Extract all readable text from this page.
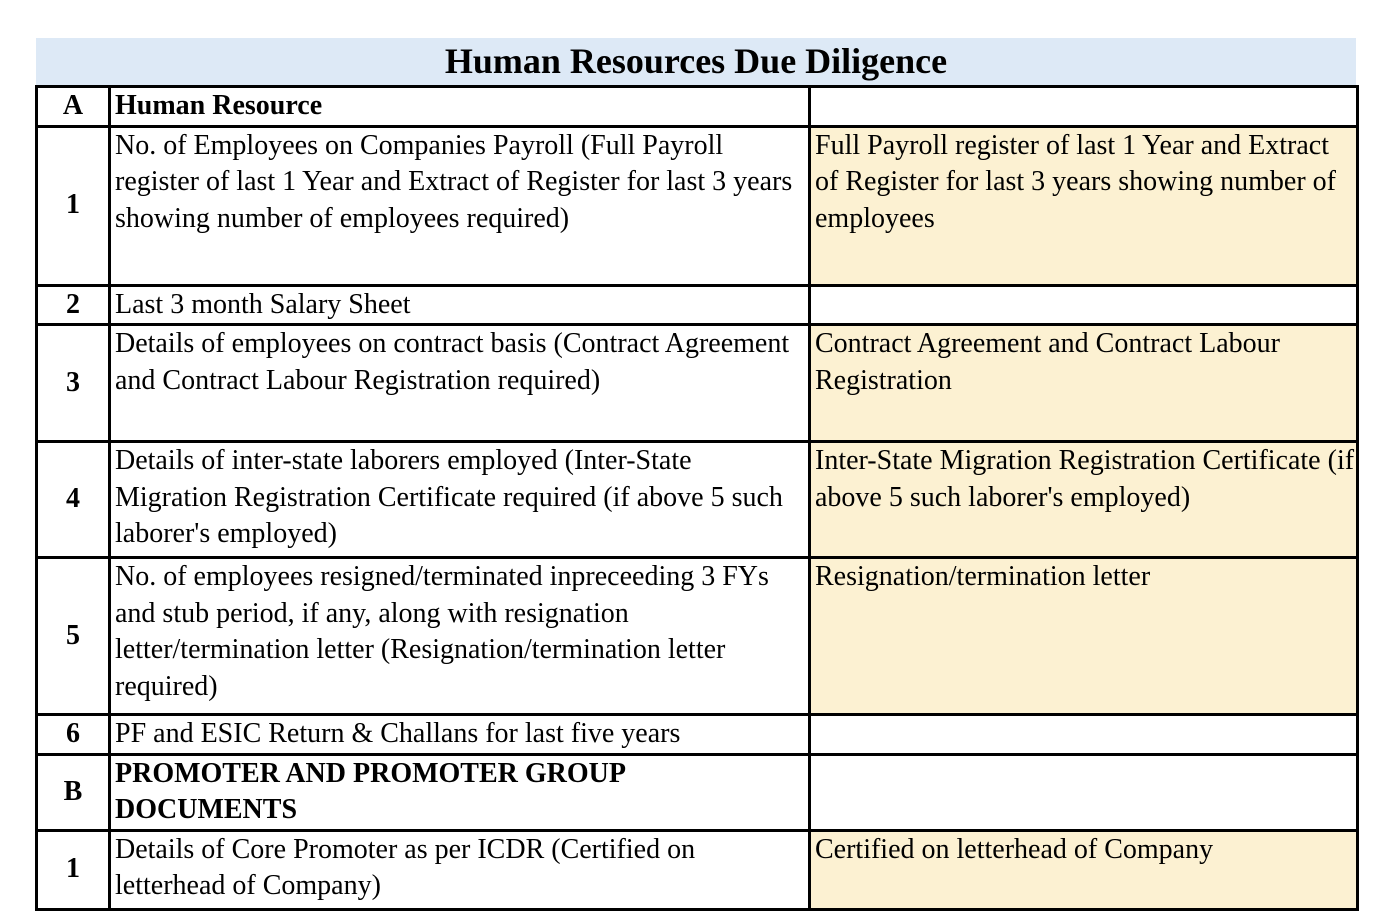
Human Resources Due Diligence
A	Human Resource	
1	No. of Employees on Companies Payroll (Full Payroll register of last 1 Year and Extract of Register for last 3 years showing number of employees required)	Full Payroll register of last 1 Year and Extract of Register for last 3 years showing number of employees
2	Last 3 month Salary Sheet	
3	Details of employees on contract basis (Contract Agreement and Contract Labour Registration required)	Contract Agreement and Contract Labour Registration
4	Details of inter-state laborers employed (Inter-State Migration Registration Certificate required (if above 5 such laborer's employed)	Inter-State Migration Registration Certificate (if above 5 such laborer's employed)
5	No. of employees resigned/terminated inpreceeding 3 FYs and stub period, if any, along with resignation letter/termination letter (Resignation/termination letter required)	Resignation/termination letter
6	PF and ESIC Return & Challans for last five years	
B	PROMOTER AND PROMOTER GROUP DOCUMENTS	
1	Details of Core Promoter as per ICDR (Certified on letterhead of Company)	Certified on letterhead of Company
